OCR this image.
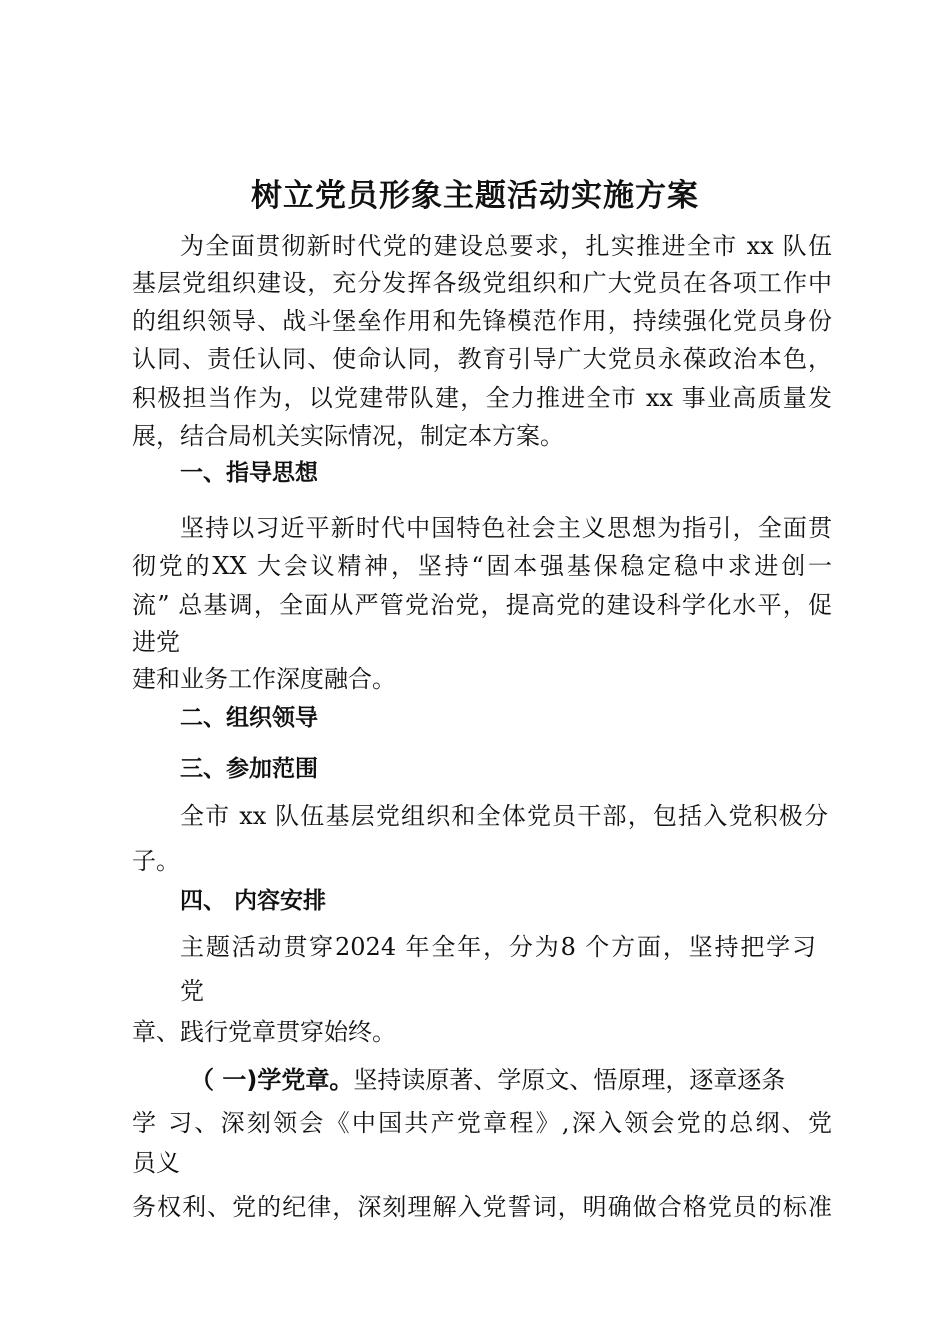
树立党员形象主题活动实施方案
为全面贯彻新时代党的建设总要求，扎实推进全市 xx 队伍
基层党组织建设，充分发挥各级党组织和广大党员在各项工作中
的组织领导、战斗堡垒作用和先锋模范作用，持续强化党员身份
认同、责任认同、使命认同，教育引导广大党员永葆政治本色，
积极担当作为，以党建带队建，全力推进全市 xx 事业高质量发
展，结合局机关实际情况，制定本方案。
一、指导思想
坚持以习近平新时代中国特色社会主义思想为指引，全面贯
彻党的XX 大会议精神，坚持“固本强基保稳定稳中求进创一
流” 总基调，全面从严管党治党，提高党的建设科学化水平，促
进党
建和业务工作深度融合。
二、组织领导
三、参加范围
全市 xx 队伍基层党组织和全体党员干部，包括入党积极分
子。
四、 内容安排
主题活动贯穿2024 年全年，分为8 个方面，坚持把学习
党
章、践行党章贯穿始终。
（ 一)学党章。坚持读原著、学原文、悟原理，逐章逐条
学 习、深刻领会《中国共产党章程》,深入领会党的总纲、党
员义
务权利、党的纪律，深刻理解入党誓词，明确做合格党员的标准
